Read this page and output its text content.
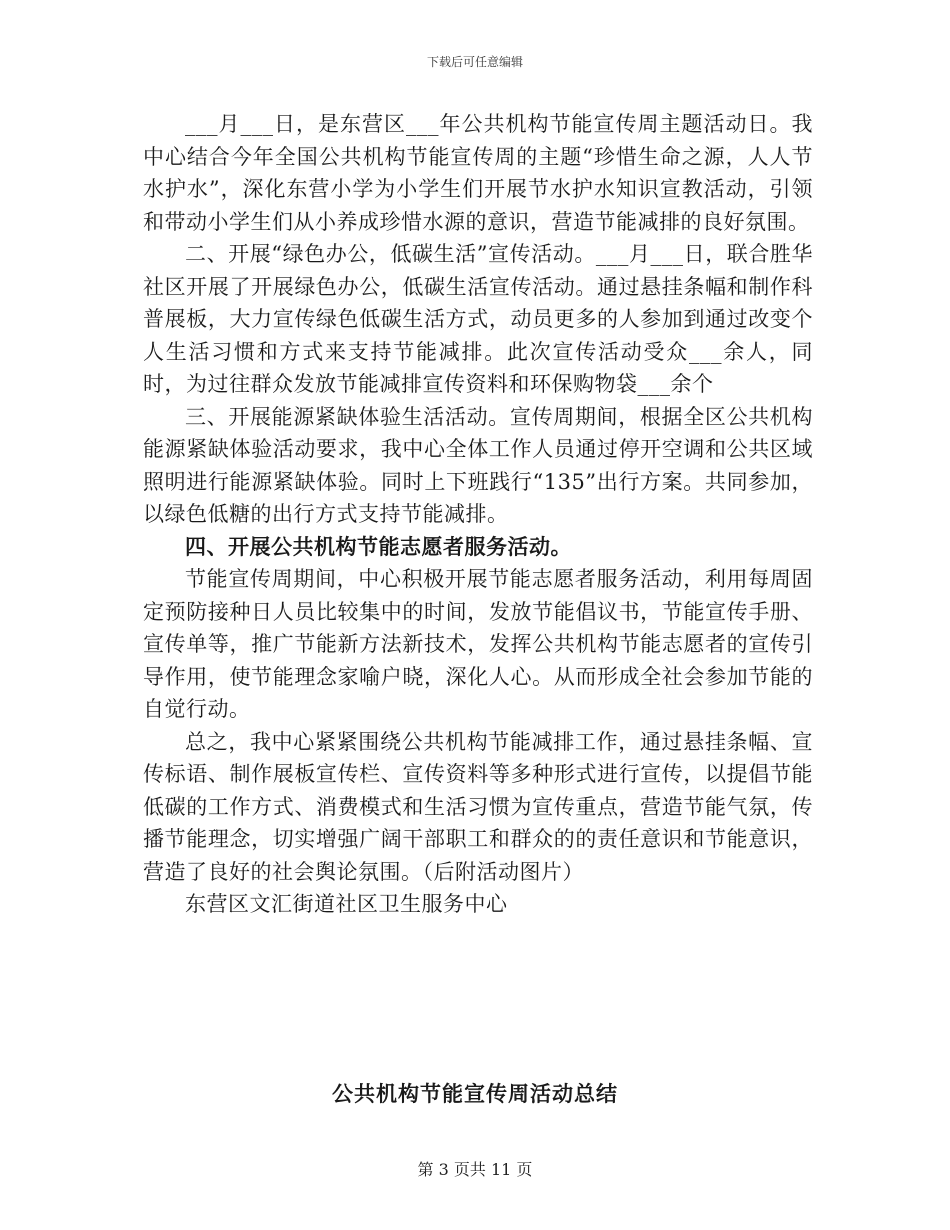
下载后可任意编辑

___月___日，是东营区___年公共机构节能宣传周主题活动日。我中心结合今年全国公共机构节能宣传周的主题“珍惜生命之源，人人节水护水”，深化东营小学为小学生们开展节水护水知识宣教活动，引领和带动小学生们从小养成珍惜水源的意识，营造节能减排的良好氛围。

二、开展“绿色办公，低碳生活”宣传活动。___月___日，联合胜华社区开展了开展绿色办公，低碳生活宣传活动。通过悬挂条幅和制作科普展板，大力宣传绿色低碳生活方式，动员更多的人参加到通过改变个人生活习惯和方式来支持节能减排。此次宣传活动受众___余人，同时，为过往群众发放节能减排宣传资料和环保购物袋___余个

三、开展能源紧缺体验生活活动。宣传周期间，根据全区公共机构能源紧缺体验活动要求，我中心全体工作人员通过停开空调和公共区域照明进行能源紧缺体验。同时上下班践行“135”出行方案。共同参加，以绿色低糖的出行方式支持节能减排。

四、开展公共机构节能志愿者服务活动。

节能宣传周期间，中心积极开展节能志愿者服务活动，利用每周固定预防接种日人员比较集中的时间，发放节能倡议书，节能宣传手册、宣传单等，推广节能新方法新技术，发挥公共机构节能志愿者的宣传引导作用，使节能理念家喻户晓，深化人心。从而形成全社会参加节能的自觉行动。

总之，我中心紧紧围绕公共机构节能减排工作，通过悬挂条幅、宣传标语、制作展板宣传栏、宣传资料等多种形式进行宣传，以提倡节能低碳的工作方式、消费模式和生活习惯为宣传重点，营造节能气氛，传播节能理念，切实增强广阔干部职工和群众的的责任意识和节能意识，营造了良好的社会舆论氛围。（后附活动图片）

东营区文汇街道社区卫生服务中心

公共机构节能宣传周活动总结
第 3 页共 11 页
